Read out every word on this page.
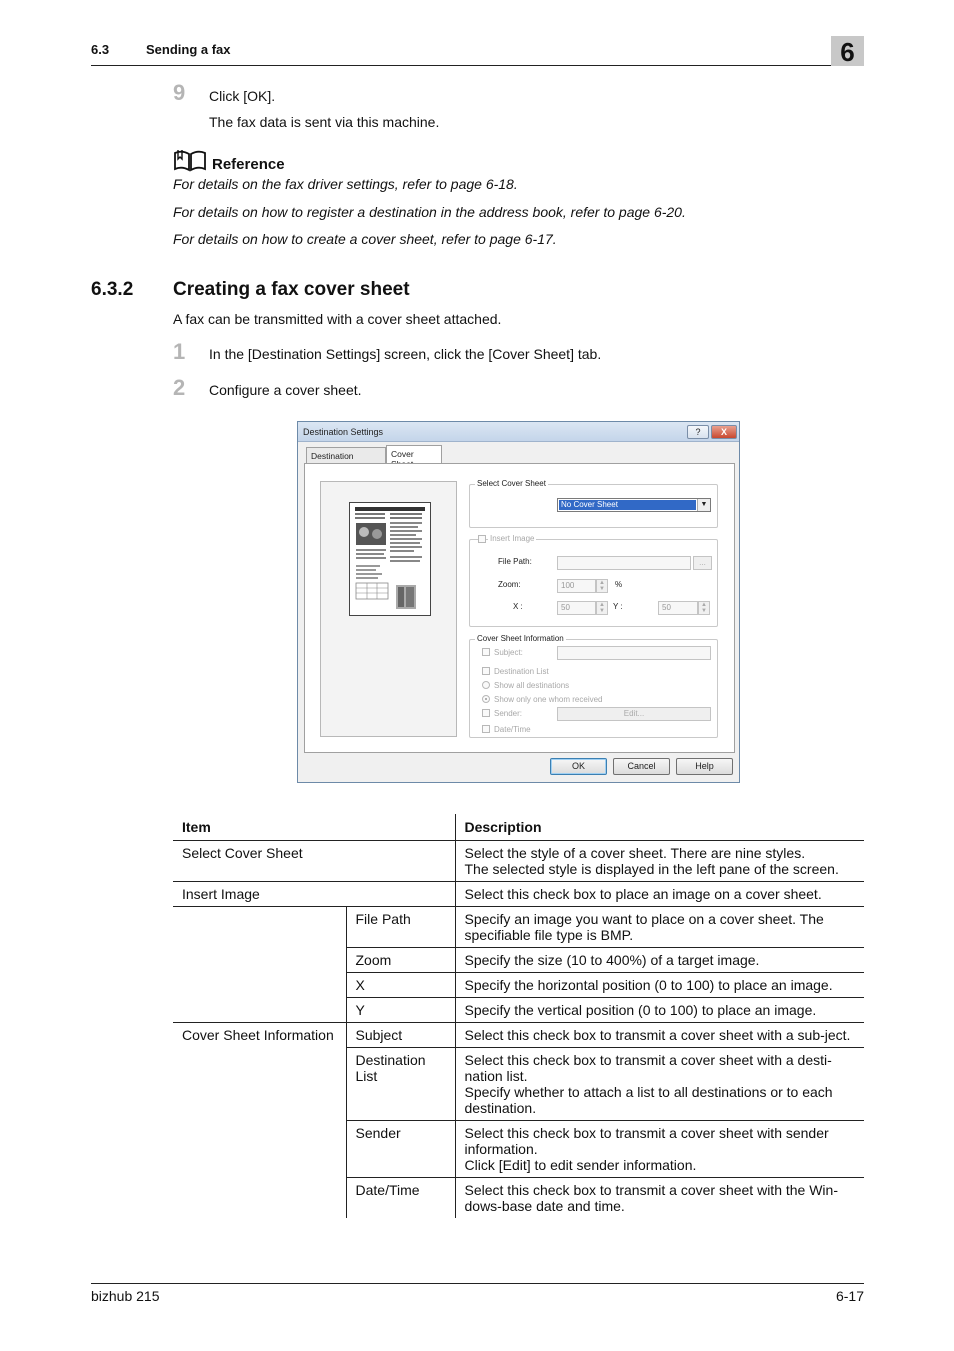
6.3	Sending a fax	6
9 Click [OK].
The fax data is sent via this machine.
Reference
For details on the fax driver settings, refer to page 6-18.
For details on how to register a destination in the address book, refer to page 6-20.
For details on how to create a cover sheet, refer to page 6-17.
6.3.2 Creating a fax cover sheet
A fax can be transmitted with a cover sheet attached.
1 In the [Destination Settings] screen, click the [Cover Sheet] tab.
2 Configure a cover sheet.
Destination Settings	?	X
Destination	Cover
Select Cover Sheet
No Cover Sheet	▼
Insert Image
File Path:	...
Zoom:	100	▲
▼	%
X :	50	▲
▼	Y :	50	▲
▼
Cover Sheet Information
Subject:
Destination List
Show all destinations
Show only one whom received
Sender:	Edit...
Date/Time
OK	Cancel	Help
Item		Description
Select Cover Sheet		Select the style of a cover sheet. There are nine styles.
The selected style is displayed in the left pane of the screen.

Insert Image		Select this check box to place an image on a cover sheet.

	File Path	Specify an image you want to place on a cover sheet. The specifiable file type is BMP.

	Zoom	Specify the size (10 to 400%) of a target image.

	X	Specify the horizontal position (0 to 100) to place an image.

	Y	Specify the vertical position (0 to 100) to place an image.

Cover Sheet Information	Subject	Select this check box to transmit a cover sheet with a sub-ject.

	Destination List	Select this check box to transmit a cover sheet with a desti-nation list.
Specify whether to attach a list to all destinations or to each destination.

	Sender	Select this check box to transmit a cover sheet with sender information.
Click [Edit] to edit sender information.

	Date/Time	Select this check box to transmit a cover sheet with the Win-dows-base date and time.
bizhub 215	6-17
